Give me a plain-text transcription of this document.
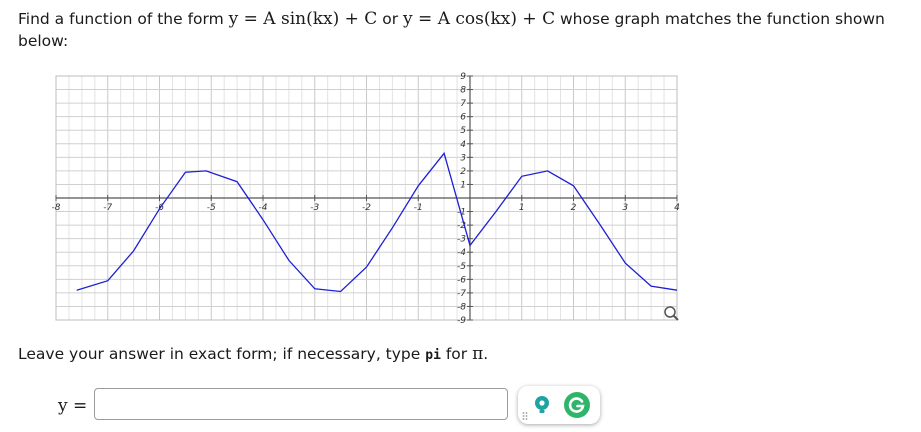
Find a function of the form y = A sin(kx) + C or y = A cos(kx) + C whose graph matches the function shown below:
-8	-7	-6	-5	-4	-3	-2	-1	1	2	3	4
9
8
7
6
5
4
3
2
1
-1
-2
-3
-4
-5
-6
-7
-8
-9
Leave your answer in exact form; if necessary, type pi for π.
y =
